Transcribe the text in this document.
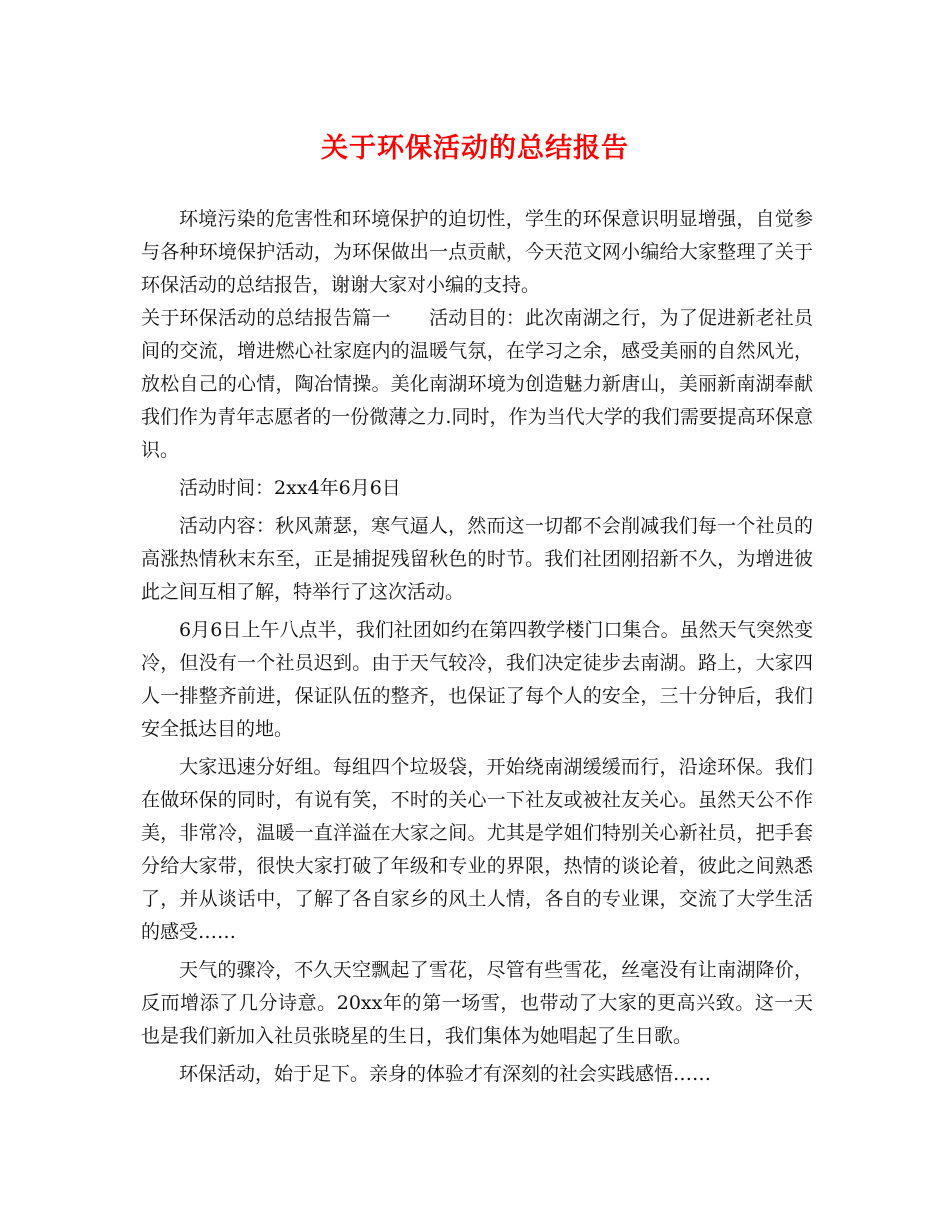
关于环保活动的总结报告

环境污染的危害性和环境保护的迫切性，学生的环保意识明显增强，自觉参与各种环境保护活动，为环保做出一点贡献，今天范文网小编给大家整理了关于环保活动的总结报告，谢谢大家对小编的支持。

关于环保活动的总结报告篇一　　活动目的：此次南湖之行，为了促进新老社员间的交流，增进燃心社家庭内的温暖气氛，在学习之余，感受美丽的自然风光，放松自己的心情，陶冶情操。美化南湖环境为创造魅力新唐山，美丽新南湖奉献我们作为青年志愿者的一份微薄之力.同时，作为当代大学的我们需要提高环保意识。

活动时间：2xx4年6月6日

活动内容：秋风萧瑟，寒气逼人，然而这一切都不会削减我们每一个社员的高涨热情秋末东至，正是捕捉残留秋色的时节。我们社团刚招新不久，为增进彼此之间互相了解，特举行了这次活动。

6月6日上午八点半，我们社团如约在第四教学楼门口集合。虽然天气突然变冷，但没有一个社员迟到。由于天气较冷，我们决定徒步去南湖。路上，大家四人一排整齐前进，保证队伍的整齐，也保证了每个人的安全，三十分钟后，我们安全抵达目的地。

大家迅速分好组。每组四个垃圾袋，开始绕南湖缓缓而行，沿途环保。我们在做环保的同时，有说有笑，不时的关心一下社友或被社友关心。虽然天公不作美，非常冷，温暖一直洋溢在大家之间。尤其是学姐们特别关心新社员，把手套分给大家带，很快大家打破了年级和专业的界限，热情的谈论着，彼此之间熟悉了，并从谈话中，了解了各自家乡的风土人情，各自的专业课，交流了大学生活的感受……

天气的骤冷，不久天空飘起了雪花，尽管有些雪花，丝毫没有让南湖降价，反而增添了几分诗意。20xx年的第一场雪，也带动了大家的更高兴致。这一天也是我们新加入社员张晓星的生日，我们集体为她唱起了生日歌。

环保活动，始于足下。亲身的体验才有深刻的社会实践感悟……
